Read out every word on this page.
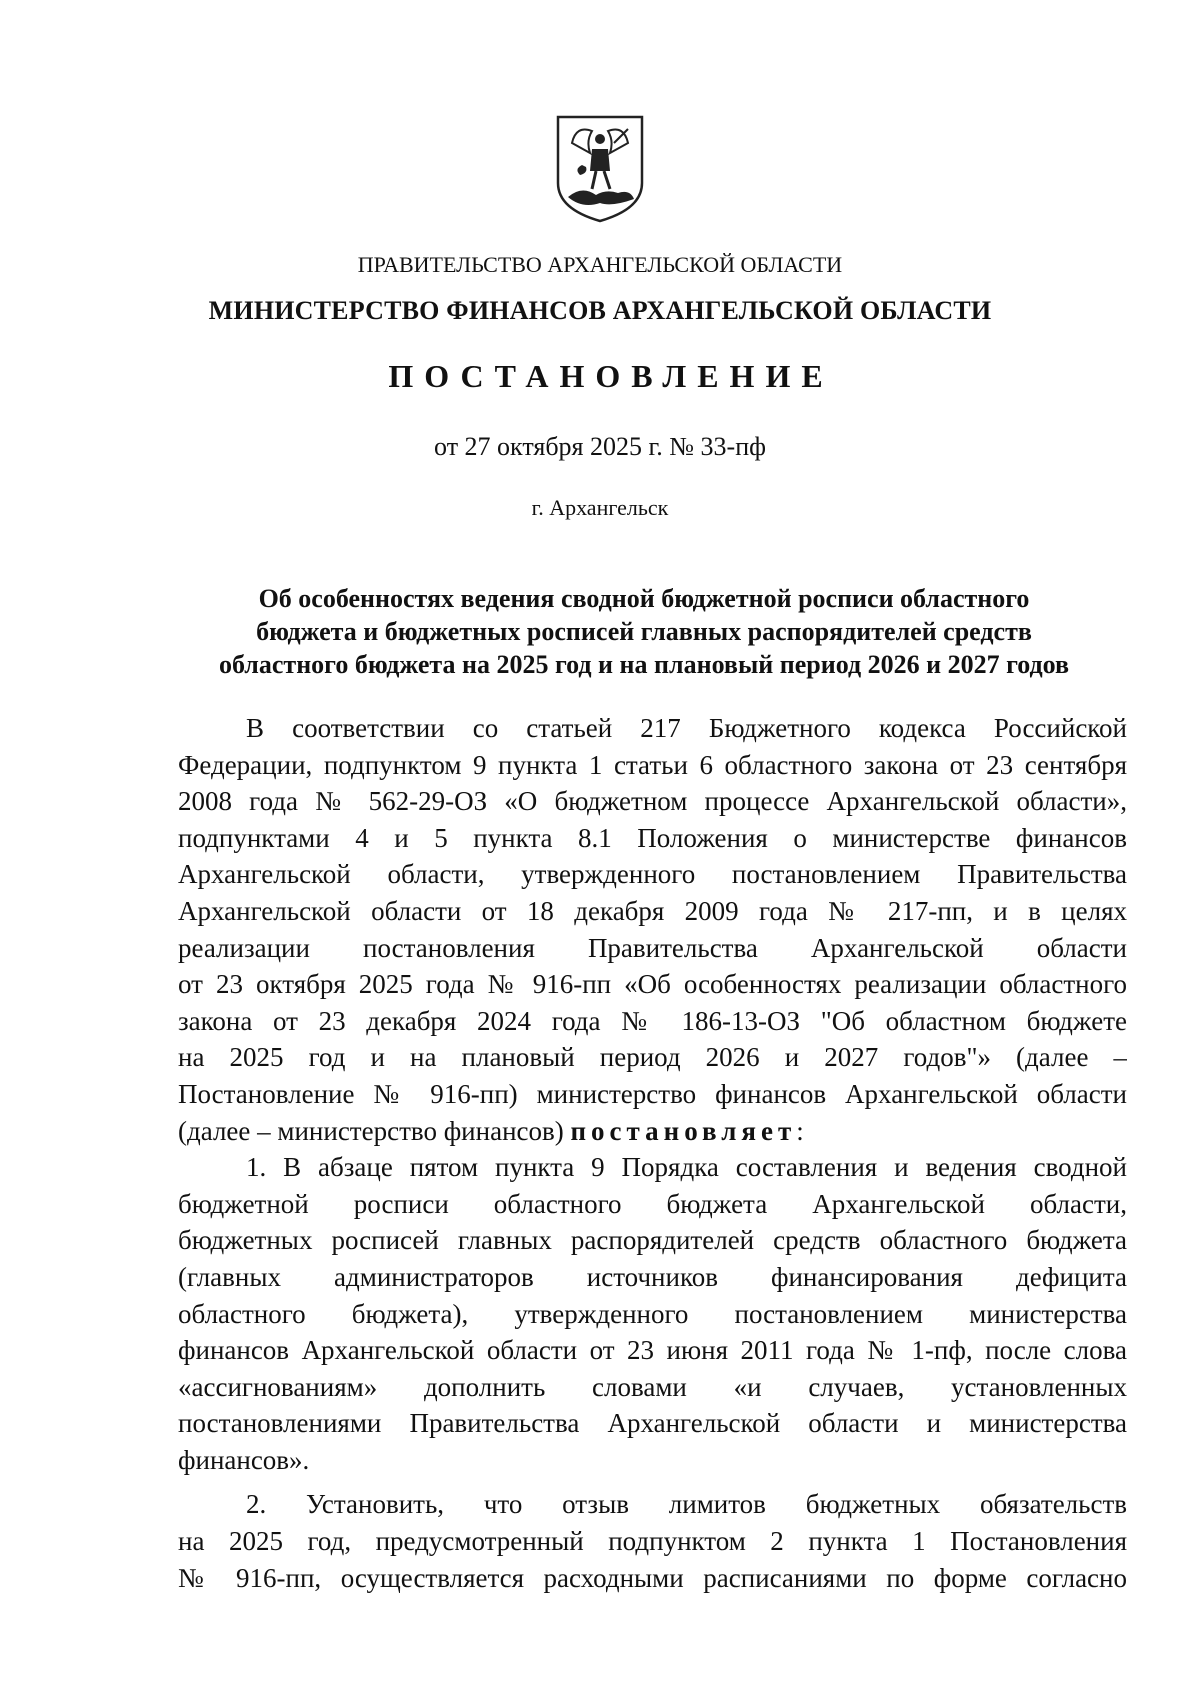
ПРАВИТЕЛЬСТВО АРХАНГЕЛЬСКОЙ ОБЛАСТИ
МИНИСТЕРСТВО ФИНАНСОВ АРХАНГЕЛЬСКОЙ ОБЛАСТИ
ПОСТАНОВЛЕНИЕ
от 27 октября 2025 г. № 33-пф
г. Архангельск
Об особенностях ведения сводной бюджетной росписи областного
бюджета и бюджетных росписей главных распорядителей средств
областного бюджета на 2025 год и на плановый период 2026 и 2027 годов
В соответствии со статьей 217 Бюджетного кодекса Российской
Федерации, подпунктом 9 пункта 1 статьи 6 областного закона от 23 сентября
2008 года № 562-29-ОЗ «О бюджетном процессе Архангельской области»,
подпунктами 4 и 5 пункта 8.1 Положения о министерстве финансов
Архангельской области, утвержденного постановлением Правительства
Архангельской области от 18 декабря 2009 года № 217-пп, и в целях
реализации постановления Правительства Архангельской области
от 23 октября 2025 года № 916-пп «Об особенностях реализации областного
закона от 23 декабря 2024 года № 186-13-ОЗ "Об областном бюджете
на 2025 год и на плановый период 2026 и 2027 годов"» (далее –
Постановление № 916-пп) министерство финансов Архангельской области
(далее – министерство финансов) постановляет:
1. В абзаце пятом пункта 9 Порядка составления и ведения сводной
бюджетной росписи областного бюджета Архангельской области,
бюджетных росписей главных распорядителей средств областного бюджета
(главных администраторов источников финансирования дефицита
областного бюджета), утвержденного постановлением министерства
финансов Архангельской области от 23 июня 2011 года № 1-пф, после слова
«ассигнованиям» дополнить словами «и случаев, установленных
постановлениями Правительства Архангельской области и министерства
финансов».
2. Установить, что отзыв лимитов бюджетных обязательств
на 2025 год, предусмотренный подпунктом 2 пункта 1 Постановления
№ 916-пп, осуществляется расходными расписаниями по форме согласно
